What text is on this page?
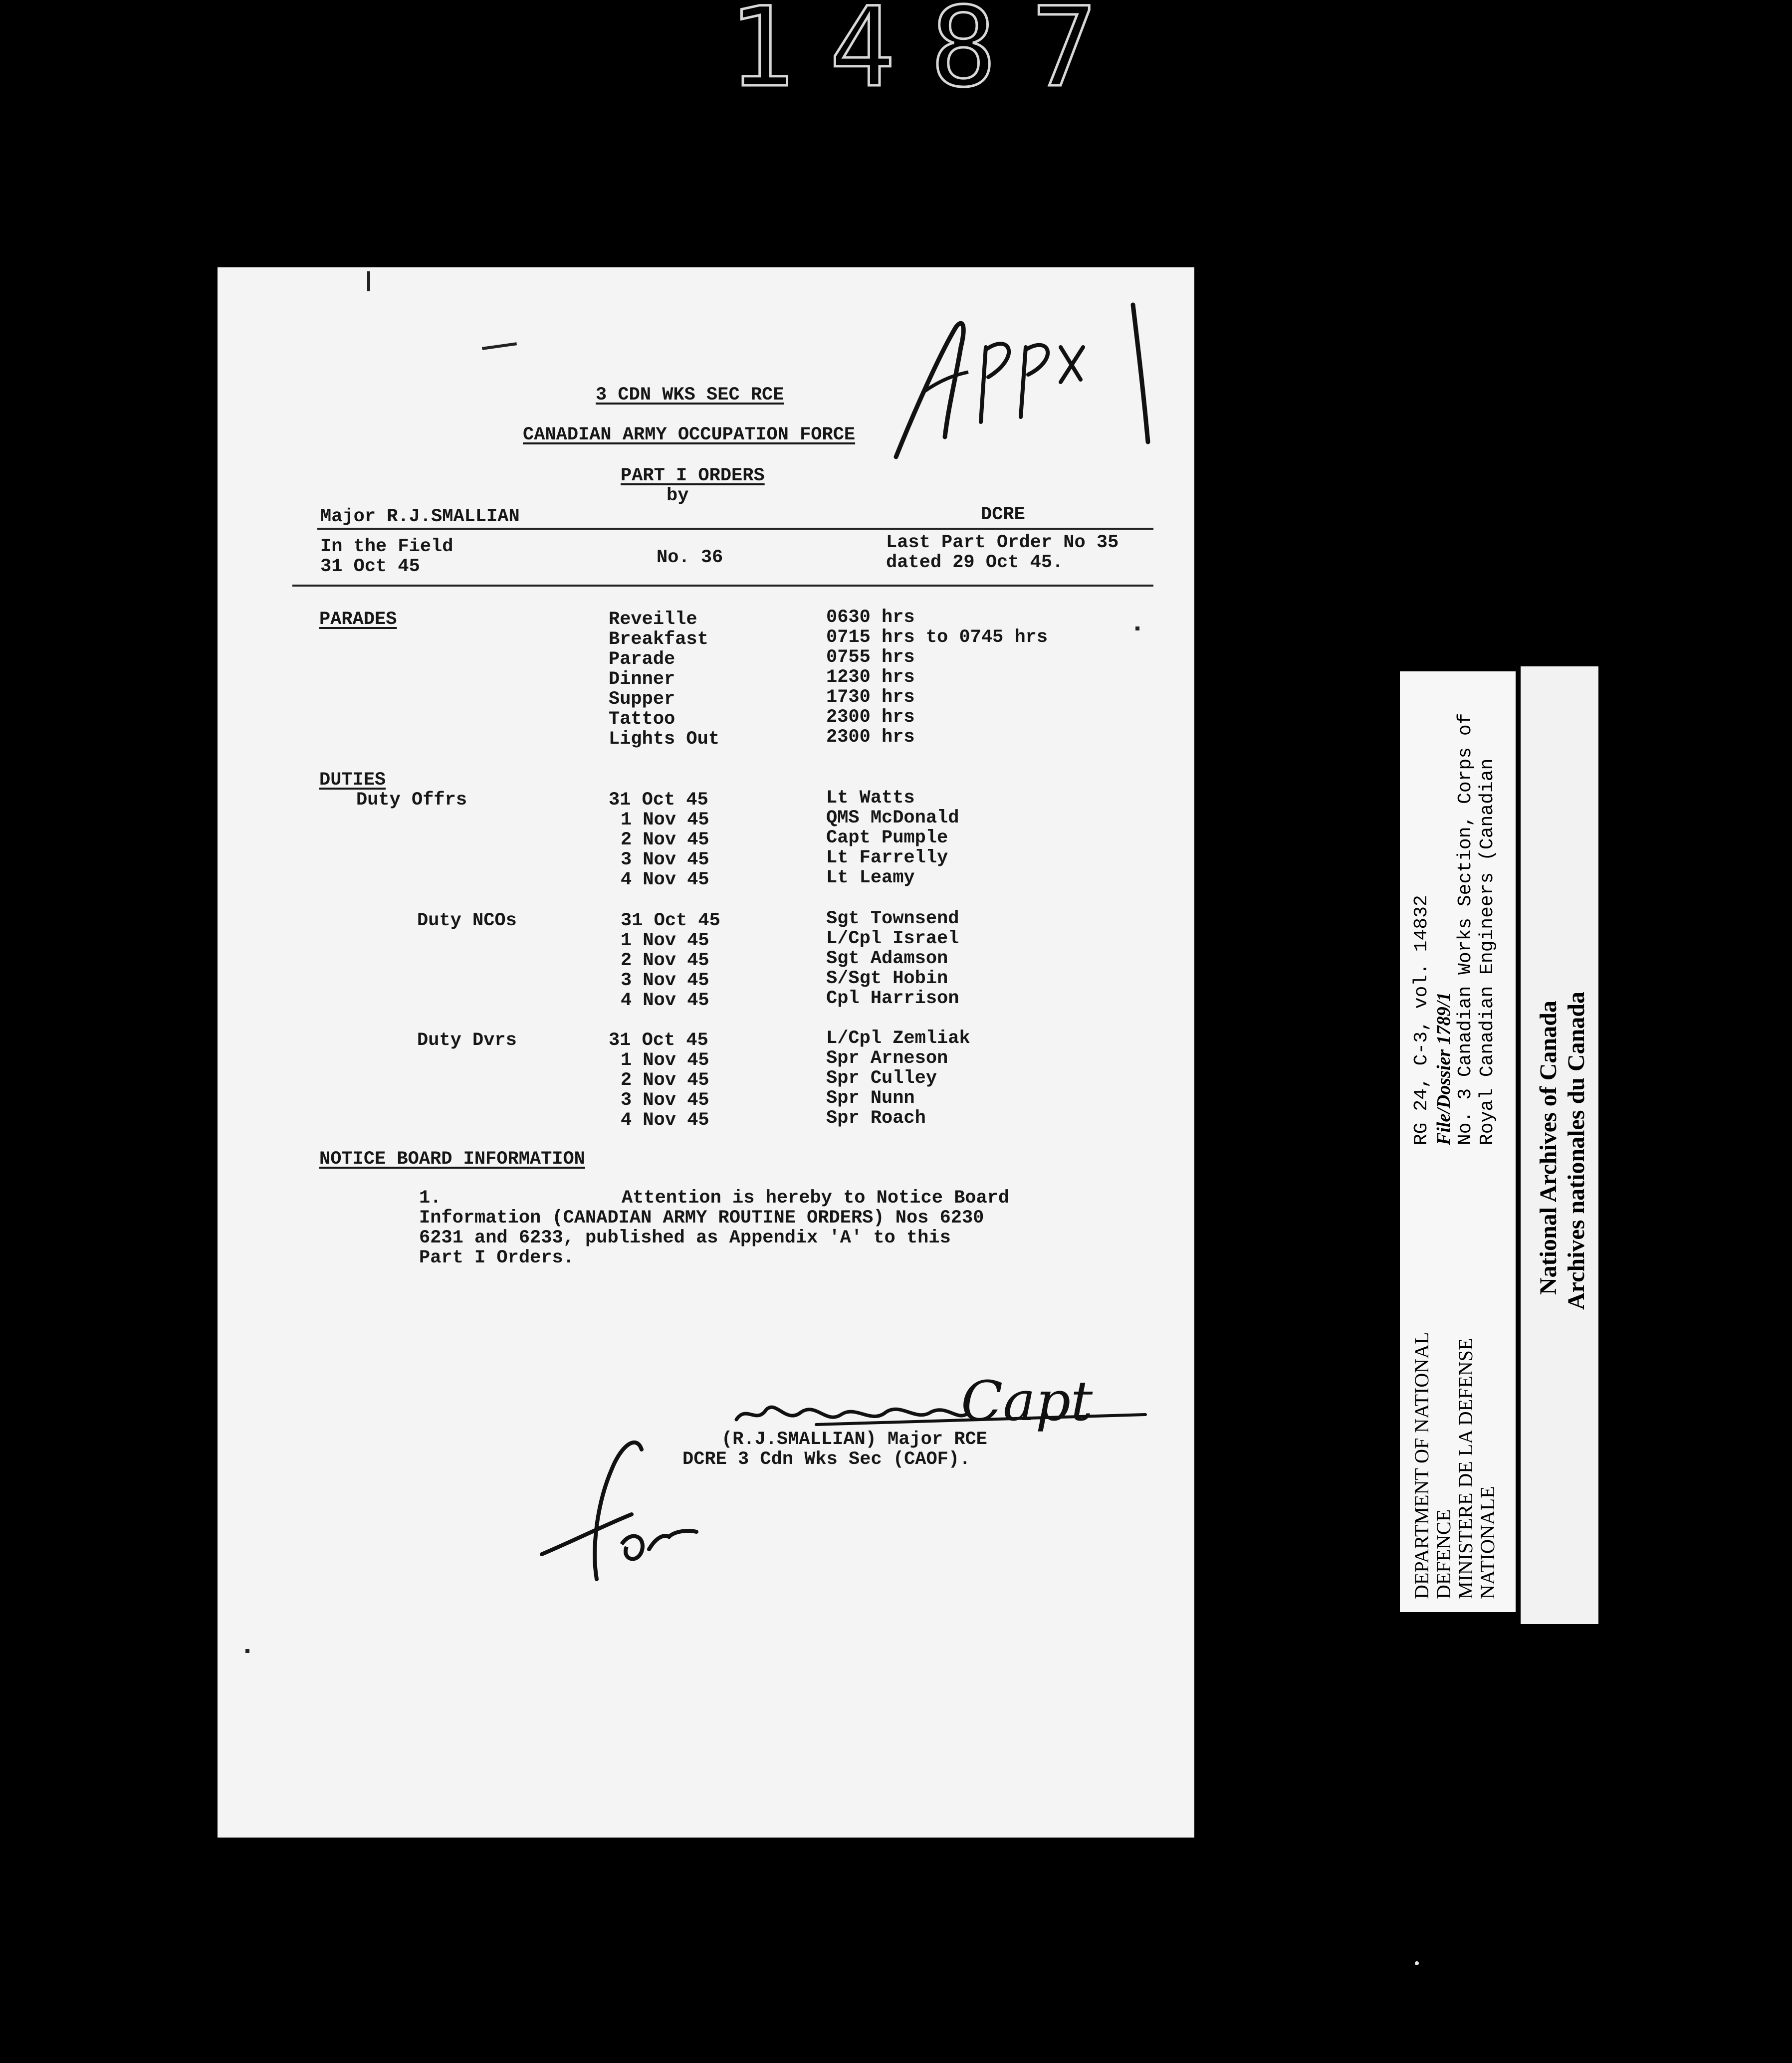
1487
3 CDN WKS SEC RCE
CANADIAN ARMY OCCUPATION FORCE
PART I ORDERS
by
Major R.J.SMALLIAN	DCRE
In the Field
31 Oct 45	No. 36
Last Part Order No 35
dated 29 Oct 45.
PARADES	Reveille	0630 hrs
Breakfast	0715 hrs to 0745 hrs
Parade	0755 hrs
Dinner	1230 hrs
Supper	1730 hrs
Tattoo	2300 hrs
Lights Out	2300 hrs
DUTIES
Duty Offrs	31 Oct 45	Lt Watts
1 Nov 45	QMS McDonald
2 Nov 45	Capt Pumple
3 Nov 45	Lt Farrelly
4 Nov 45	Lt Leamy
Duty NCOs	31 Oct 45	Sgt Townsend
1 Nov 45	L/Cpl Israel
2 Nov 45	Sgt Adamson
3 Nov 45	S/Sgt Hobin
4 Nov 45	Cpl Harrison
Duty Dvrs	31 Oct 45	L/Cpl Zemliak
1 Nov 45	Spr Arneson
2 Nov 45	Spr Culley
3 Nov 45	Spr Nunn
4 Nov 45	Spr Roach
NOTICE BOARD INFORMATION
1.	Attention is hereby to Notice Board
Information (CANADIAN ARMY ROUTINE ORDERS) Nos 6230
6231 and 6233, published as Appendix 'A' to this
Part I Orders.
Capt
(R.J.SMALLIAN) Major RCE
DCRE 3 Cdn Wks Sec (CAOF).	DEPARTMENT OF NATIONAL DEFENCE MINISTERE DE LA DEFENSE NATIONALE
RG 24, C-3, vol. 14832 File/Dossier 1789/1 No. 3 Canadian Works Section, Corps of Royal Canadian Engineers (Canadian
National Archives of Canada Archives nationales du Canada
